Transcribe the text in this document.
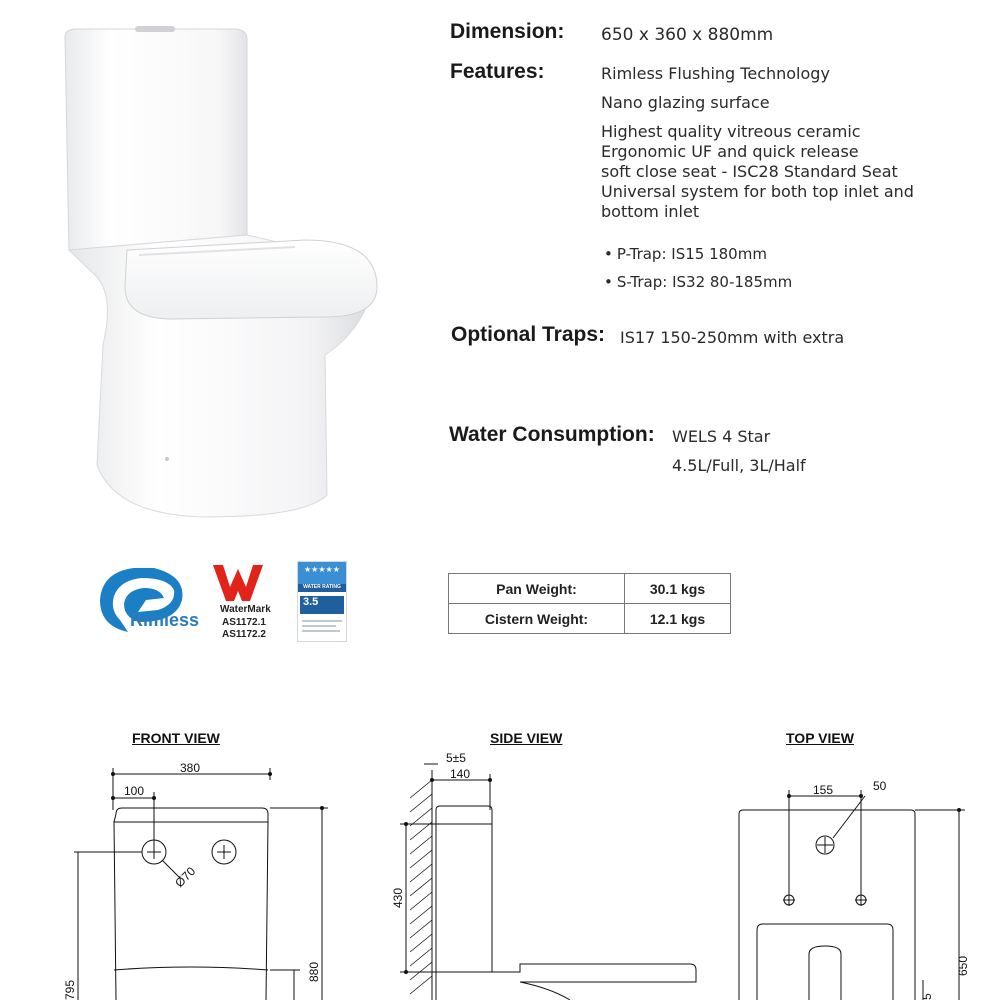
Dimension: 650 x 360 x 880mm
Features:	Rimless Flushing Technology
Nano glazing surface
Highest quality vitreous ceramic
Ergonomic UF and quick release
soft close seat - ISC28 Standard Seat
Universal system for both top inlet and
bottom inlet
• P-Trap: IS15 180mm
• S-Trap: IS32 80-185mm
Optional Traps: IS17 150-250mm with extra
Water Consumption: WELS 4 Star
4.5L/Full, 3L/Half
Rimless
WaterMark
AS1172.1
AS1172.2
★★★★★
WATER RATING
3.5
Pan Weight:	30.1 kgs
Cistern Weight:	12.1 kgs
FRONT VIEW	SIDE VIEW	TOP VIEW
380
100
Ø70
880
795
5±5
140
430
155	50
650
5
